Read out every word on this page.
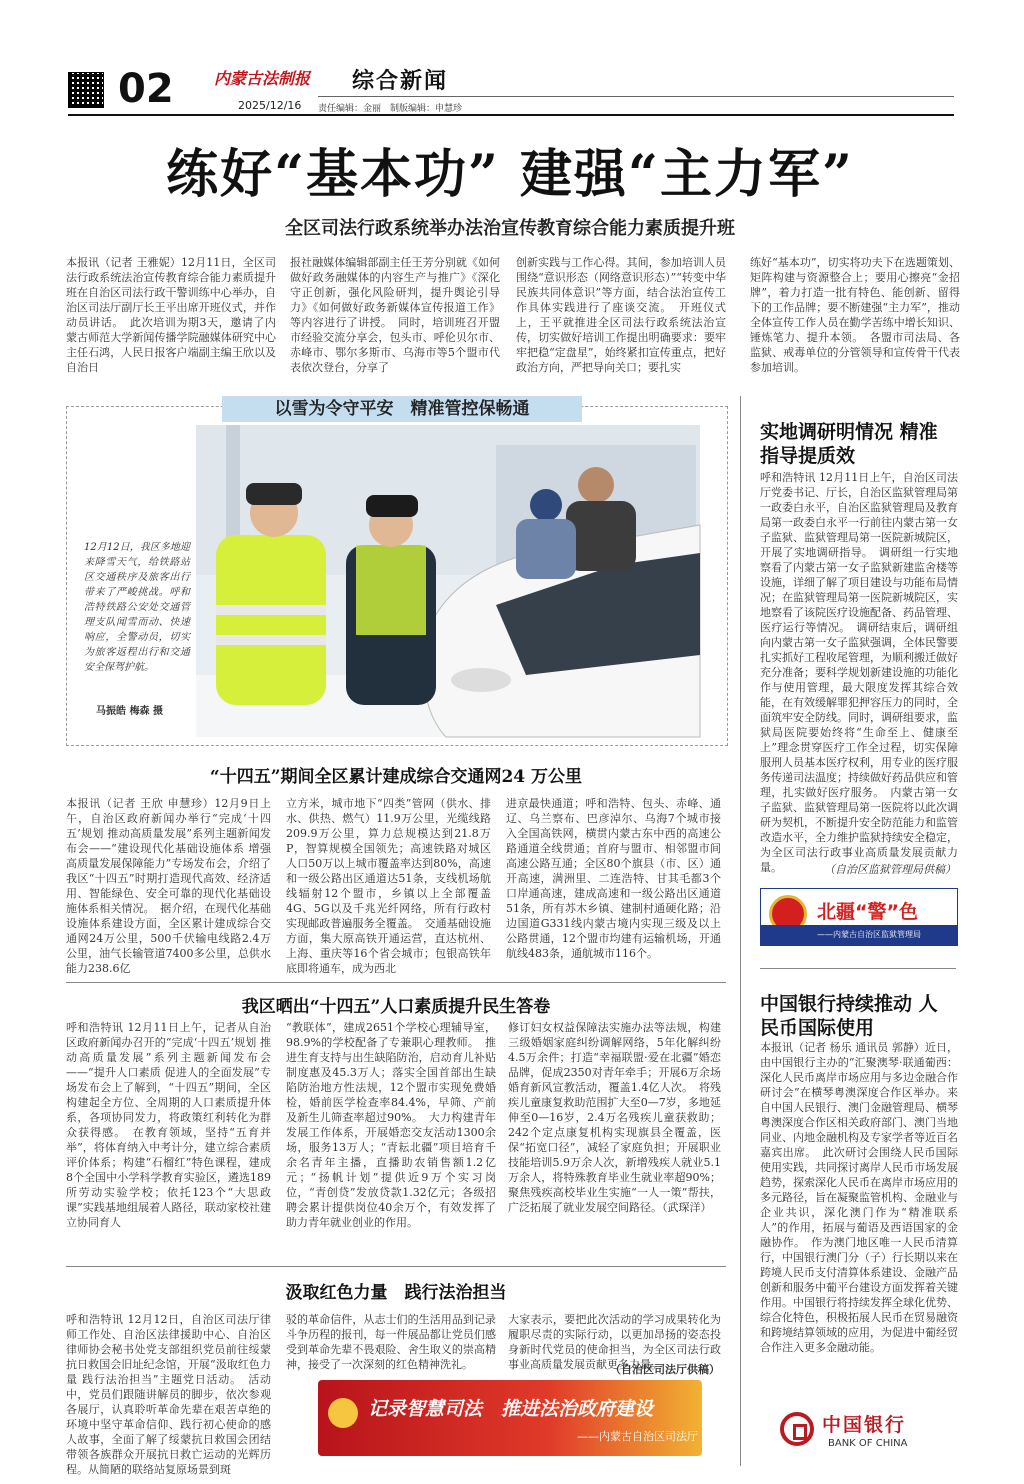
02	内蒙古法制报
2025/12/16
综合新闻
责任编辑：金丽　制版编辑：申慧珍
练好“基本功” 建强“主力军”
全区司法行政系统举办法治宣传教育综合能力素质提升班
本报讯（记者 王雅妮）12月11日，全区司法行政系统法治宣传教育综合能力素质提升班在自治区司法行政干警训练中心举办，自治区司法厅副厅长王平出席开班仪式，并作动员讲话。　此次培训为期3天，邀请了内蒙古师范大学新闻传播学院融媒体研究中心主任石鸿，人民日报客户端副主编王欣以及自治日
报社融媒体编辑部副主任王芳分别就《如何做好政务融媒体的内容生产与推广》《深化守正创新，强化风险研判，提升舆论引导力》《如何做好政务新媒体宣传报道工作》等内容进行了讲授。　同时，培训班召开盟市经验交流分享会，包头市、呼伦贝尔市、赤峰市、鄂尔多斯市、乌海市等5个盟市代表依次登台，分享了
创新实践与工作心得。其间，参加培训人员围绕“意识形态（网络意识形态）”“转变中华民族共同体意识”等方面，结合法治宣传工作具体实践进行了座谈交流。　开班仪式上，王平就推进全区司法行政系统法治宣传，切实做好培训工作提出明确要求：要牢牢把稳“定盘星”，始终紧扣宣传重点，把好政治方向，严把导向关口；要扎实
练好“基本功”，切实将功夫下在选题策划、矩阵构建与资源整合上；要用心擦亮“金招牌”，着力打造一批有特色、能创新、留得下的工作品牌；要不断建强“主力军”，推动全体宣传工作人员在勤学苦练中增长知识、锤炼笔力、提升本领。　各盟市司法局、各监狱、戒毒单位的分管领导和宣传骨干代表参加培训。
以雪为令守平安　精准管控保畅通
12月12日，我区多地迎来降雪天气，给铁路站区交通秩序及旅客出行带来了严峻挑战。呼和浩特铁路公安处交通管理支队闻雪而动、快速响应，全警动员，切实为旅客返程出行和交通安全保驾护航。
马振皓 梅森 摄
“十四五”期间全区累计建成综合交通网24 万公里
本报讯（记者 王欣 申慧珍）12月9日上午，自治区政府新闻办举行“完成‘十四五’规划 推动高质量发展”系列主题新闻发布会——“建设现代化基础设施体系 增强高质量发展保障能力”专场发布会，介绍了我区“十四五”时期打造现代高效、经济适用、智能绿色、安全可靠的现代化基础设施体系相关情况。　据介绍，在现代化基础设施体系建设方面，全区累计建成综合交通网24万公里，500千伏输电线路2.4万公里，油气长输管道7400多公里，总供水能力238.6亿
立方米，城市地下“四类”管网（供水、排水、供热、燃气）11.9万公里，光缆线路209.9万公里，算力总规模达到21.8万P，智算规模全国领先；高速铁路对城区人口50万以上城市覆盖率达到80%，高速和一级公路出区通道达51条，支线机场航线辐射12个盟市，乡镇以上全部覆盖4G、5G以及千兆光纤网络，所有行政村实现邮政普遍服务全覆盖。　交通基础设施方面，集大原高铁开通运营，直达杭州、上海、重庆等16个省会城市；包银高铁年底即将通车，成为西北
进京最快通道；呼和浩特、包头、赤峰、通辽、乌兰察布、巴彦淖尔、乌海7个城市接入全国高铁网，横贯内蒙古东中西的高速公路通道全线贯通；首府与盟市、相邻盟市间高速公路互通；全区80个旗县（市、区）通开高速，满洲里、二连浩特、甘其毛都3个口岸通高速，建成高速和一级公路出区通道51条，所有苏木乡镇、建制村通硬化路；沿边国道G331线内蒙古境内实现三级及以上公路贯通，12个盟市均建有运输机场，开通航线483条，通航城市116个。
我区晒出“十四五”人口素质提升民生答卷
呼和浩特讯 12月11日上午，记者从自治区政府新闻办召开的“完成‘十四五’规划 推动高质量发展”系列主题新闻发布会——“提升人口素质 促进人的全面发展”专场发布会上了解到，“十四五”期间，全区构建起全方位、全周期的人口素质提升体系，各项协同发力，将政策红利转化为群众获得感。　在教育领域，坚持“五育并举”，将体育纳入中考计分，建立综合素质评价体系；构建“石榴红”特色课程，建成8个全国中小学科学教育实验区，遴选189所劳动实验学校；依托123个“大思政课”实践基地组展着人路径，联动家校社建立协同育人
“教联体”，建成2651个学校心理辅导室，98.9%的学校配备了专兼职心理教师。　推进生育支持与出生缺陷防治，启动育儿补贴制度惠及45.3万人；落实全国首部出生缺陷防治地方性法规，12个盟市实现免费婚检，婚前医学检查率84.4%，早筛、产前及新生儿筛查率超过90%。　大力构建青年发展工作体系，开展婚恋交友活动1300余场，服务13万人；“青耘北疆”项目培育千余名青年主播，直播助农销售额1.2亿元；“扬帆计划”提供近9万个实习岗位，“青创贷”发放贷款1.32亿元；各级招聘会累计提供岗位40余万个，有效发挥了助力青年就业创业的作用。
修订妇女权益保障法实施办法等法规，构建三级婚姻家庭纠纷调解网络，5年化解纠纷4.5万余件；打造“幸福联盟·爱在北疆”婚恋品牌，促成2350对青年牵手；开展6万余场婚育新风宣教活动，覆盖1.4亿人次。　将残疾儿童康复救助范围扩大至0—7岁，多地延伸至0—16岁，2.4万名残疾儿童获救助；242个定点康复机构实现旗县全覆盖，医保“拓宽口径”，减轻了家庭负担；开展职业技能培训5.9万余人次，新增残疾人就业5.1万余人，将特殊教育毕业生就业率超90%；聚焦残疾高校毕业生实施“一人一策”帮扶，广泛拓展了就业发展空间路径。（武琛洋）
汲取红色力量　践行法治担当
呼和浩特讯 12月12日，自治区司法厅律师工作处、自治区法律援助中心、自治区律师协会秘书处党支部组织党员前往绥蒙抗日救国会旧址纪念馆，开展“汲取红色力量 践行法治担当”主题党日活动。　活动中，党员们跟随讲解员的脚步，依次参观各展厅，认真聆听革命先辈在艰苦卓绝的环境中坚守革命信仰、践行初心使命的感人故事，全面了解了绥蒙抗日救国会团结带领各族群众开展抗日救亡运动的光辉历程。从简陋的联络站复原场景到斑
驳的革命信件，从志士们的生活用品到记录斗争历程的报刊，每一件展品都让党员们感受到革命先辈不畏艰险、舍生取义的崇高精神，接受了一次深刻的红色精神洗礼。
大家表示，要把此次活动的学习成果转化为履职尽责的实际行动，以更加昂扬的姿态投身新时代党员的使命担当，为全区司法行政事业高质量发展贡献更多力量。
（自治区司法厅供稿）
记录智慧司法　推进法治政府建设
——内蒙古自治区司法厅
实地调研明情况 精准指导提质效
呼和浩特讯 12月11日上午，自治区司法厅党委书记、厅长，自治区监狱管理局第一政委白永平，自治区监狱管理局及教育局第一政委白永平一行前往内蒙古第一女子监狱、监狱管理局第一医院新城院区，开展了实地调研指导。　调研组一行实地察看了内蒙古第一女子监狱新建监舍楼等设施，详细了解了项目建设与功能布局情况；在监狱管理局第一医院新城院区，实地察看了该院医疗设施配备、药品管理、医疗运行等情况。　调研结束后，调研组向内蒙古第一女子监狱强调，全体民警要扎实抓好工程收尾管理，为顺利搬迁做好充分准备；要科学规划新建设施的功能化作与使用管理，最大限度发挥其综合效能，在有效缓解罪犯押容压力的同时，全面筑牢安全防线。同时，调研组要求，监狱局医院要始终将“生命至上、健康至上”理念贯穿医疗工作全过程，切实保障服刑人员基本医疗权利，用专业的医疗服务传递司法温度；持续做好药品供应和管理，扎实做好医疗服务。　内蒙古第一女子监狱、监狱管理局第一医院将以此次调研为契机，不断提升安全防范能力和监管改造水平，全力维护监狱持续安全稳定，为全区司法行政事业高质量发展贡献力量。	（自治区监狱管理局供稿）
北疆“警”色
——内蒙古自治区监狱管理局
中国银行持续推动 人民币国际使用
本报讯（记者 杨乐 通讯员 郭静）近日，由中国银行主办的“汇聚澳琴·联通葡西：深化人民币离岸市场应用与多边金融合作研讨会”在横琴粤澳深度合作区举办。来自中国人民银行、澳门金融管理局、横琴粤澳深度合作区相关政府部门、澳门当地同业、内地金融机构及专家学者等近百名嘉宾出席。　此次研讨会围绕人民币国际使用实践，共同探讨离岸人民币市场发展趋势，探索深化人民币在离岸市场应用的多元路径，旨在凝聚监管机构、金融业与企业共识，深化澳门作为“精准联系人”的作用，拓展与葡语及西语国家的金融协作。　作为澳门地区唯一人民币清算行，中国银行澳门分（子）行长期以来在跨境人民币支付清算体系建设、金融产品创新和服务中葡平台建设方面发挥着关键作用。中国银行将持续发挥全球化优势、综合化特色，积极拓展人民币在贸易融资和跨境结算领域的应用，为促进中葡经贸合作注入更多金融动能。
中国银行
BANK OF CHINA
